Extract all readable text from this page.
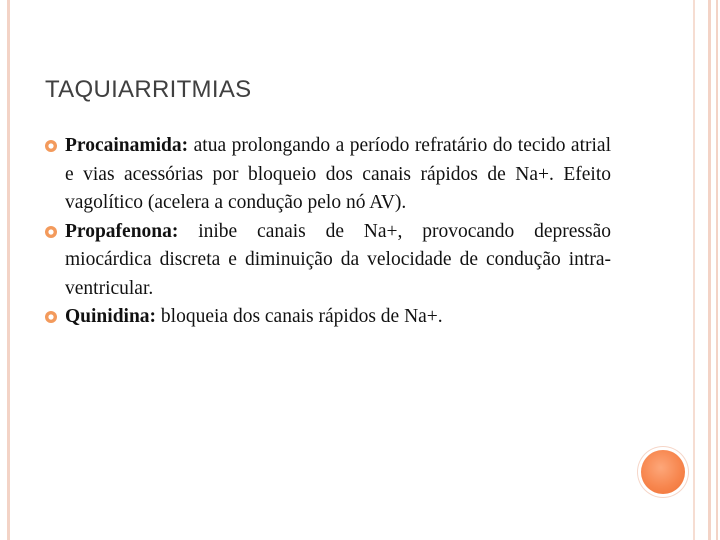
TAQUIARRITMIAS
Procainamida: atua prolongando a período refratário do tecido atrial e vias acessórias por bloqueio dos canais rápidos de Na+. Efeito vagolítico (acelera a condução pelo nó AV).
Propafenona: inibe canais de Na+, provocando depressão miocárdica discreta e diminuição da velocidade de condução intra-ventricular.
Quinidina: bloqueia dos canais rápidos de Na+.
